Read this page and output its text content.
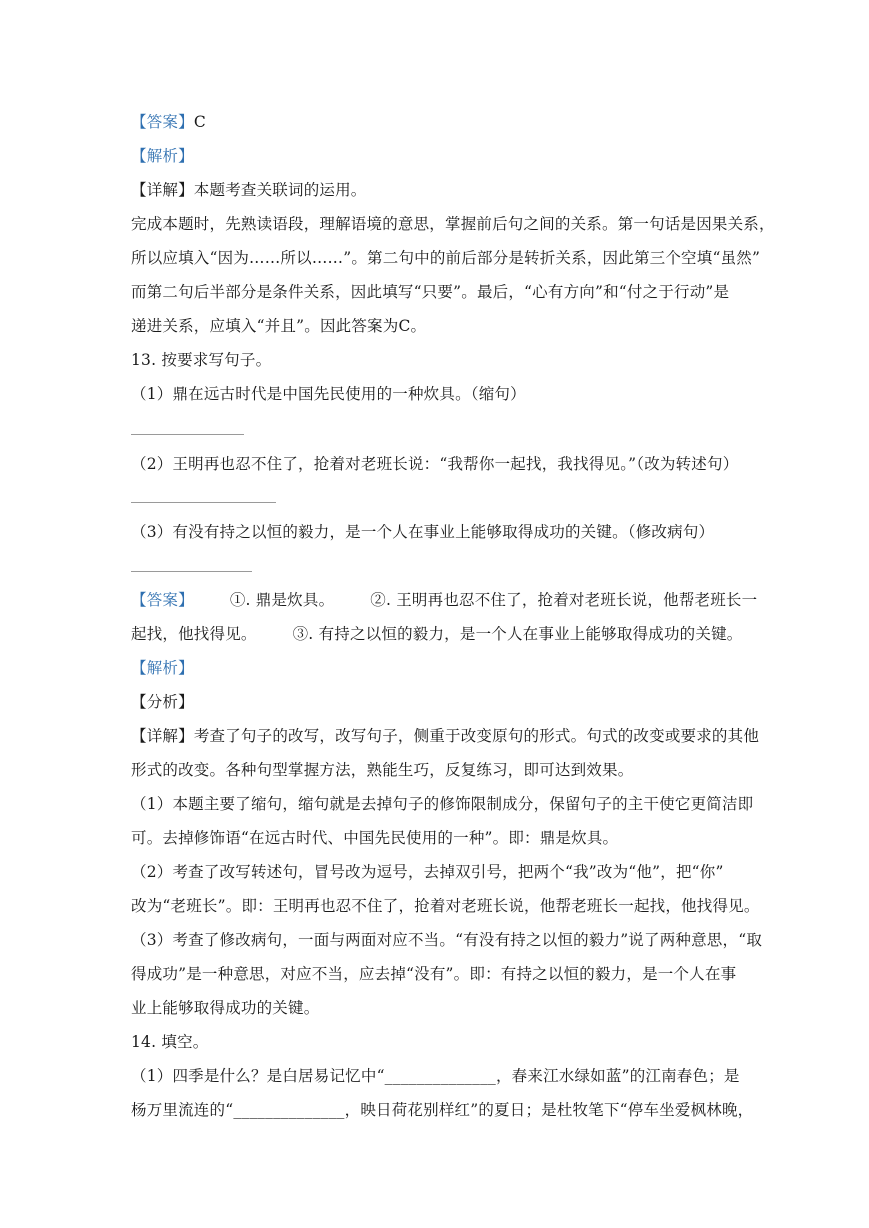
【答案】C
【解析】
【详解】本题考查关联词的运用。
完成本题时，先熟读语段，理解语境的意思，掌握前后句之间的关系。第一句话是因果关系，
所以应填入“因为……所以……”。第二句中的前后部分是转折关系，因此第三个空填“虽然”
而第二句后半部分是条件关系，因此填写“只要”。最后，“心有方向”和“付之于行动”是
递进关系，应填入“并且”。因此答案为C。
13. 按要求写句子。
（1）鼎在远古时代是中国先民使用的一种炊具。（缩句）
（2）王明再也忍不住了，抢着对老班长说：“我帮你一起找，我找得见。”（改为转述句）
（3）有没有持之以恒的毅力，是一个人在事业上能够取得成功的关键。（修改病句）
【答案】 ①. 鼎是炊具。 ②. 王明再也忍不住了，抢着对老班长说，他帮老班长一
起找，他找得见。 ③. 有持之以恒的毅力，是一个人在事业上能够取得成功的关键。
【解析】
【分析】
【详解】考查了句子的改写，改写句子，侧重于改变原句的形式。句式的改变或要求的其他
形式的改变。各种句型掌握方法，熟能生巧，反复练习，即可达到效果。
（1）本题主要了缩句，缩句就是去掉句子的修饰限制成分，保留句子的主干使它更简洁即
可。去掉修饰语“在远古时代、中国先民使用的一种”。即：鼎是炊具。
（2）考查了改写转述句，冒号改为逗号，去掉双引号，把两个“我”改为“他”，把“你”
改为“老班长”。即：王明再也忍不住了，抢着对老班长说，他帮老班长一起找，他找得见。
（3）考查了修改病句，一面与两面对应不当。“有没有持之以恒的毅力”说了两种意思，“取
得成功”是一种意思，对应不当，应去掉“没有”。即：有持之以恒的毅力，是一个人在事
业上能够取得成功的关键。
14. 填空。
（1）四季是什么？是白居易记忆中“______________，春来江水绿如蓝”的江南春色；是
杨万里流连的“______________，映日荷花别样红”的夏日；是杜牧笔下“停车坐爱枫林晚，
